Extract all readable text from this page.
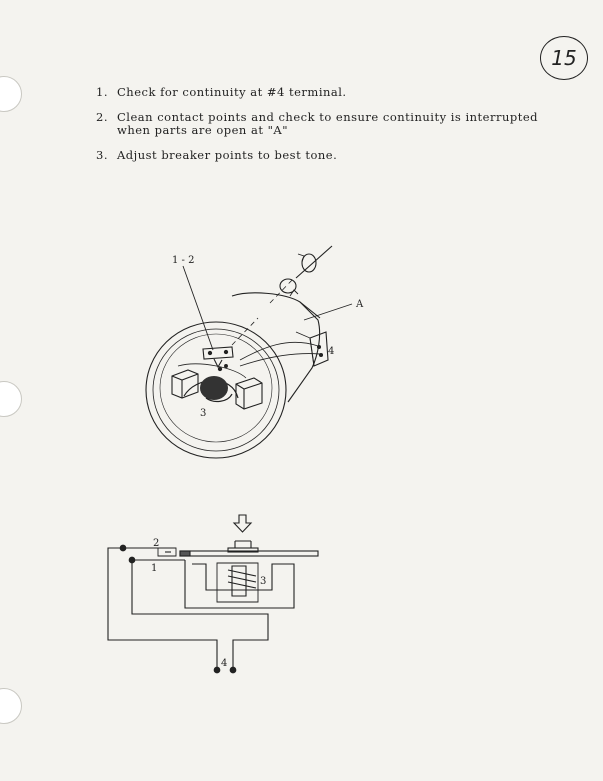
15
1. Check for continuity at #4 terminal.
2. Clean contact points and check to ensure continuity is interrupted
when parts are open at "A"
3. Adjust breaker points to best tone.
1 - 2
A
4
3
2
1
3
4
